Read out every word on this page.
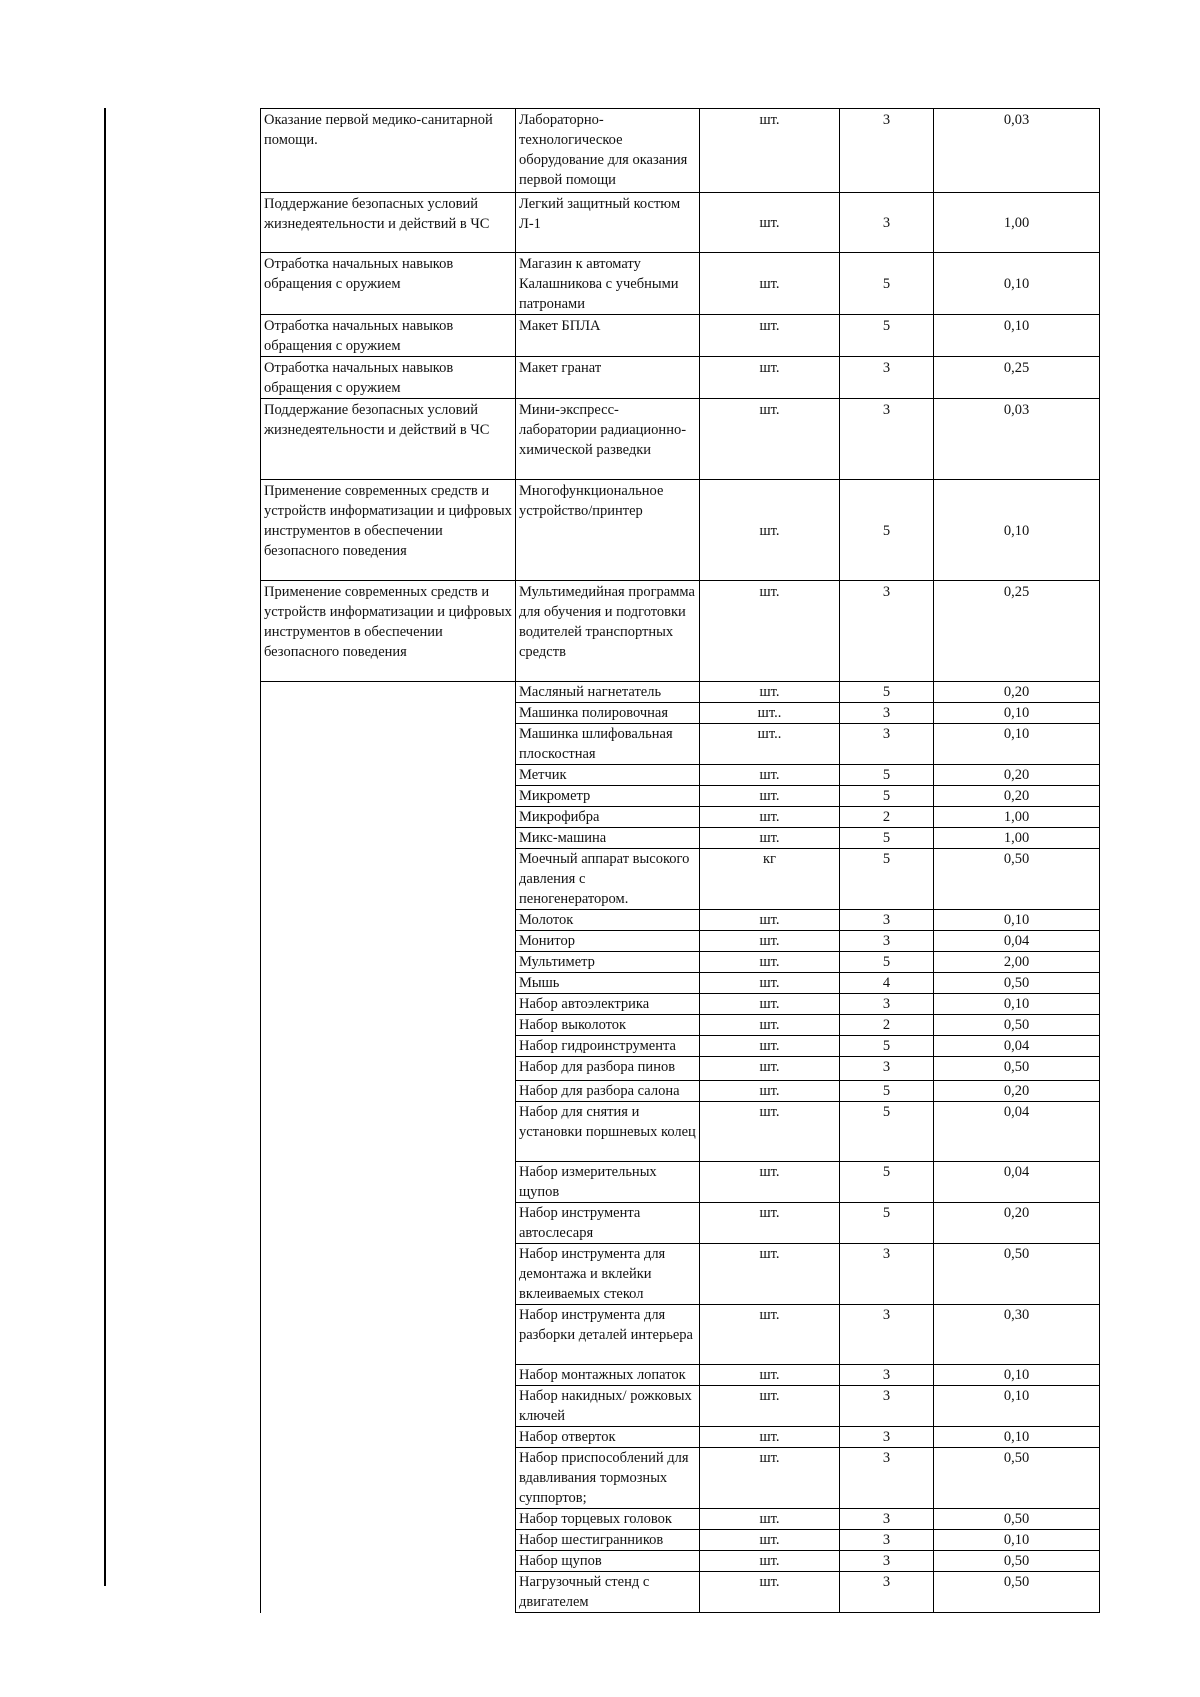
Оказание первой медико-санитарной помощи.	Лабораторно-технологическое оборудование для оказания первой помощи	шт.	3	0,03
Поддержание безопасных условий жизнедеятельности и действий в ЧС	Легкий защитный костюм Л-1	шт.	3	1,00
Отработка начальных навыков обращения с оружием	Магазин к автомату Калашникова с учебными патронами	шт.	5	0,10
Отработка начальных навыков обращения с оружием	Макет БПЛА	шт.	5	0,10
Отработка начальных навыков обращения с оружием	Макет гранат	шт.	3	0,25
Поддержание безопасных условий жизнедеятельности и действий в ЧС	Мини-экспресс-лаборатории радиационно-химической разведки	шт.	3	0,03
Применение современных средств и устройств информатизации и цифровых инструментов в обеспечении безопасного поведения	Многофункциональное устройство/принтер	шт.	5	0,10
Применение современных средств и устройств информатизации и цифровых инструментов в обеспечении безопасного поведения	Мультимедийная программа для обучения и подготовки водителей транспортных средств	шт.	3	0,25
	Масляный нагнетатель	шт.	5	0,20
	Машинка полировочная	шт..	3	0,10
	Машинка шлифовальная плоскостная	шт..	3	0,10
	Метчик	шт.	5	0,20
	Микрометр	шт.	5	0,20
	Микрофибра	шт.	2	1,00
	Микс-машина	шт.	5	1,00
	Моечный аппарат высокого давления с пеногенератором.	кг	5	0,50
	Молоток	шт.	3	0,10
	Монитор	шт.	3	0,04
	Мультиметр	шт.	5	2,00
	Мышь	шт.	4	0,50
	Набор автоэлектрика	шт.	3	0,10
	Набор выколоток	шт.	2	0,50
	Набор гидроинструмента	шт.	5	0,04
	Набор для разбора пинов	шт.	3	0,50
	Набор для разбора салона	шт.	5	0,20
	Набор для снятия и установки поршневых колец	шт.	5	0,04
	Набор измерительных щупов	шт.	5	0,04
	Набор инструмента автослесаря	шт.	5	0,20
	Набор инструмента для демонтажа и вклейки вклеиваемых стекол	шт.	3	0,50
	Набор инструмента для разборки деталей интерьера	шт.	3	0,30
	Набор монтажных лопаток	шт.	3	0,10
	Набор накидных/ рожковых ключей	шт.	3	0,10
	Набор отверток	шт.	3	0,10
	Набор приспособлений для вдавливания тормозных суппортов;	шт.	3	0,50
	Набор торцевых головок	шт.	3	0,50
	Набор шестигранников	шт.	3	0,10
	Набор щупов	шт.	3	0,50
	Нагрузочный стенд с двигателем	шт.	3	0,50
